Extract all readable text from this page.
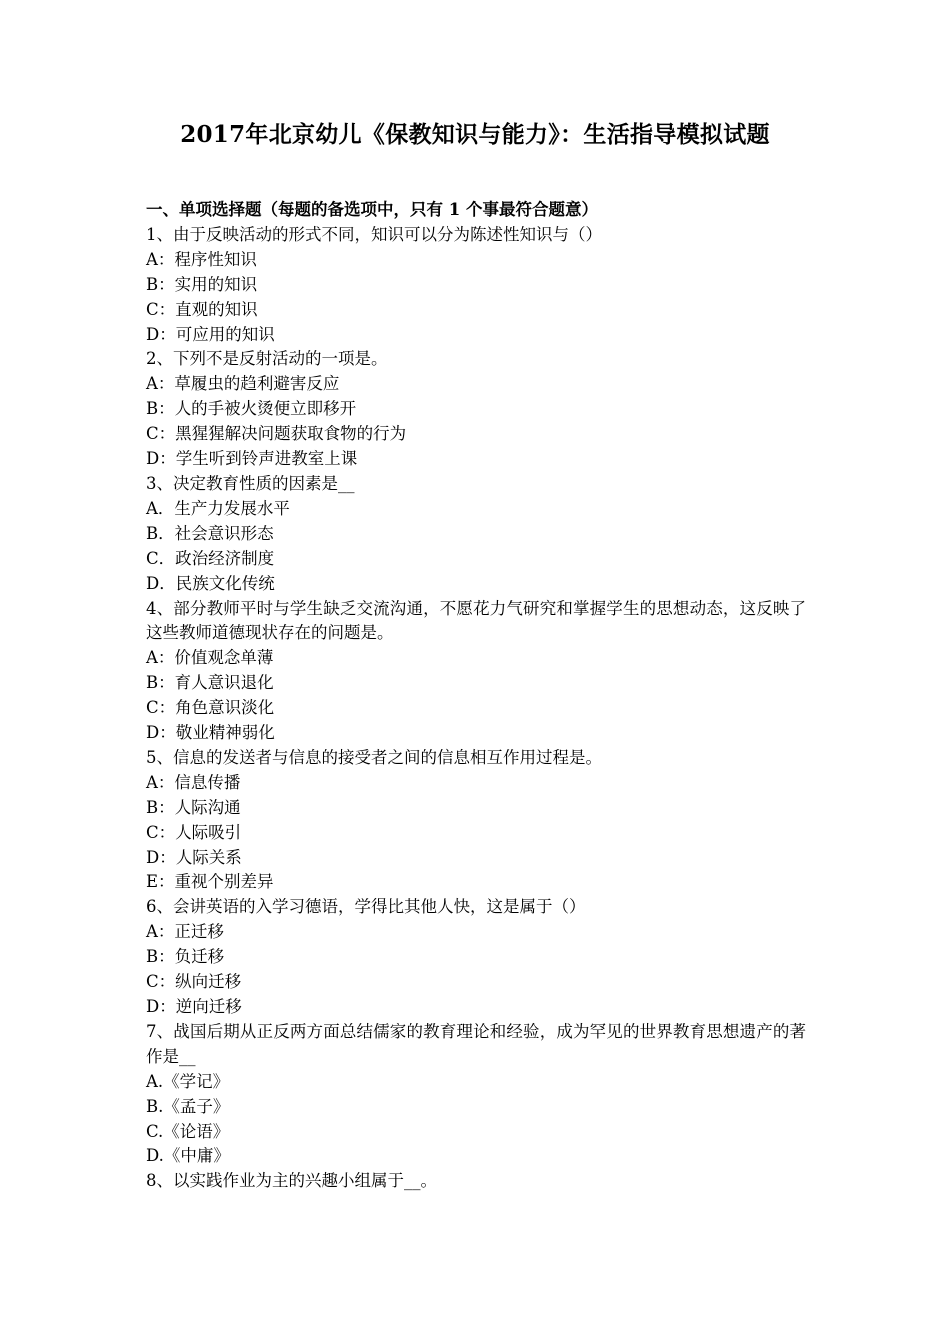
2017年北京幼儿《保教知识与能力》：生活指导模拟试题
一、单项选择题（每题的备选项中，只有 1 个事最符合题意）
1、由于反映活动的形式不同，知识可以分为陈述性知识与（）
A：程序性知识
B：实用的知识
C：直观的知识
D：可应用的知识
2、下列不是反射活动的一项是。
A：草履虫的趋利避害反应
B：人的手被火烫便立即移开
C：黑猩猩解决问题获取食物的行为
D：学生听到铃声进教室上课
3、决定教育性质的因素是__
A．生产力发展水平
B．社会意识形态
C．政治经济制度
D．民族文化传统
4、部分教师平时与学生缺乏交流沟通，不愿花力气研究和掌握学生的思想动态，这反映了这些教师道德现状存在的问题是。
A：价值观念单薄
B：育人意识退化
C：角色意识淡化
D：敬业精神弱化
5、信息的发送者与信息的接受者之间的信息相互作用过程是。
A：信息传播
B：人际沟通
C：人际吸引
D：人际关系
E：重视个别差异
6、会讲英语的入学习德语，学得比其他人快，这是属于（）
A：正迁移
B：负迁移
C：纵向迁移
D：逆向迁移
7、战国后期从正反两方面总结儒家的教育理论和经验，成为罕见的世界教育思想遗产的著作是__
A.《学记》
B.《孟子》
C.《论语》
D.《中庸》
8、以实践作业为主的兴趣小组属于__。
